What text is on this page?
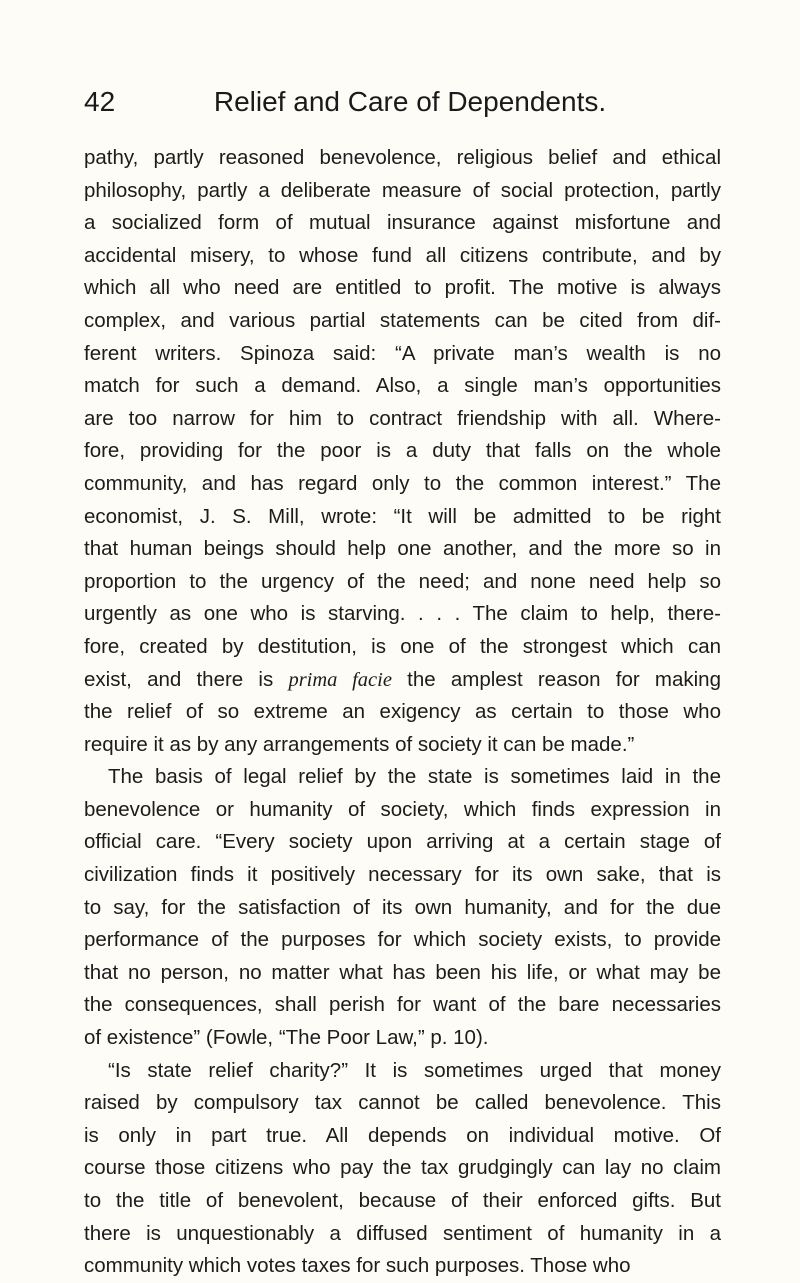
42	Relief and Care of Dependents.
pathy, partly reasoned benevolence, religious belief and ethical
philosophy, partly a deliberate measure of social protection, partly
a socialized form of mutual insurance against misfortune and
accidental misery, to whose fund all citizens contribute, and by
which all who need are entitled to profit. The motive is always
complex, and various partial statements can be cited from dif-
ferent writers. Spinoza said: “A private man’s wealth is no
match for such a demand. Also, a single man’s opportunities
are too narrow for him to contract friendship with all. Where-
fore, providing for the poor is a duty that falls on the whole
community, and has regard only to the common interest.” The
economist, J. S. Mill, wrote: “It will be admitted to be right
that human beings should help one another, and the more so in
proportion to the urgency of the need; and none need help so
urgently as one who is starving. . . . The claim to help, there-
fore, created by destitution, is one of the strongest which can
exist, and there is prima facie the amplest reason for making
the relief of so extreme an exigency as certain to those who
require it as by any arrangements of society it can be made.”
The basis of legal relief by the state is sometimes laid in the
benevolence or humanity of society, which finds expression in
official care. “Every society upon arriving at a certain stage of
civilization finds it positively necessary for its own sake, that is
to say, for the satisfaction of its own humanity, and for the due
performance of the purposes for which society exists, to provide
that no person, no matter what has been his life, or what may be
the consequences, shall perish for want of the bare necessaries
of existence” (Fowle, “The Poor Law,” p. 10).
“Is state relief charity?” It is sometimes urged that money
raised by compulsory tax cannot be called benevolence. This
is only in part true. All depends on individual motive. Of
course those citizens who pay the tax grudgingly can lay no claim
to the title of benevolent, because of their enforced gifts. But
there is unquestionably a diffused sentiment of humanity in a
community which votes taxes for such purposes. Those who
